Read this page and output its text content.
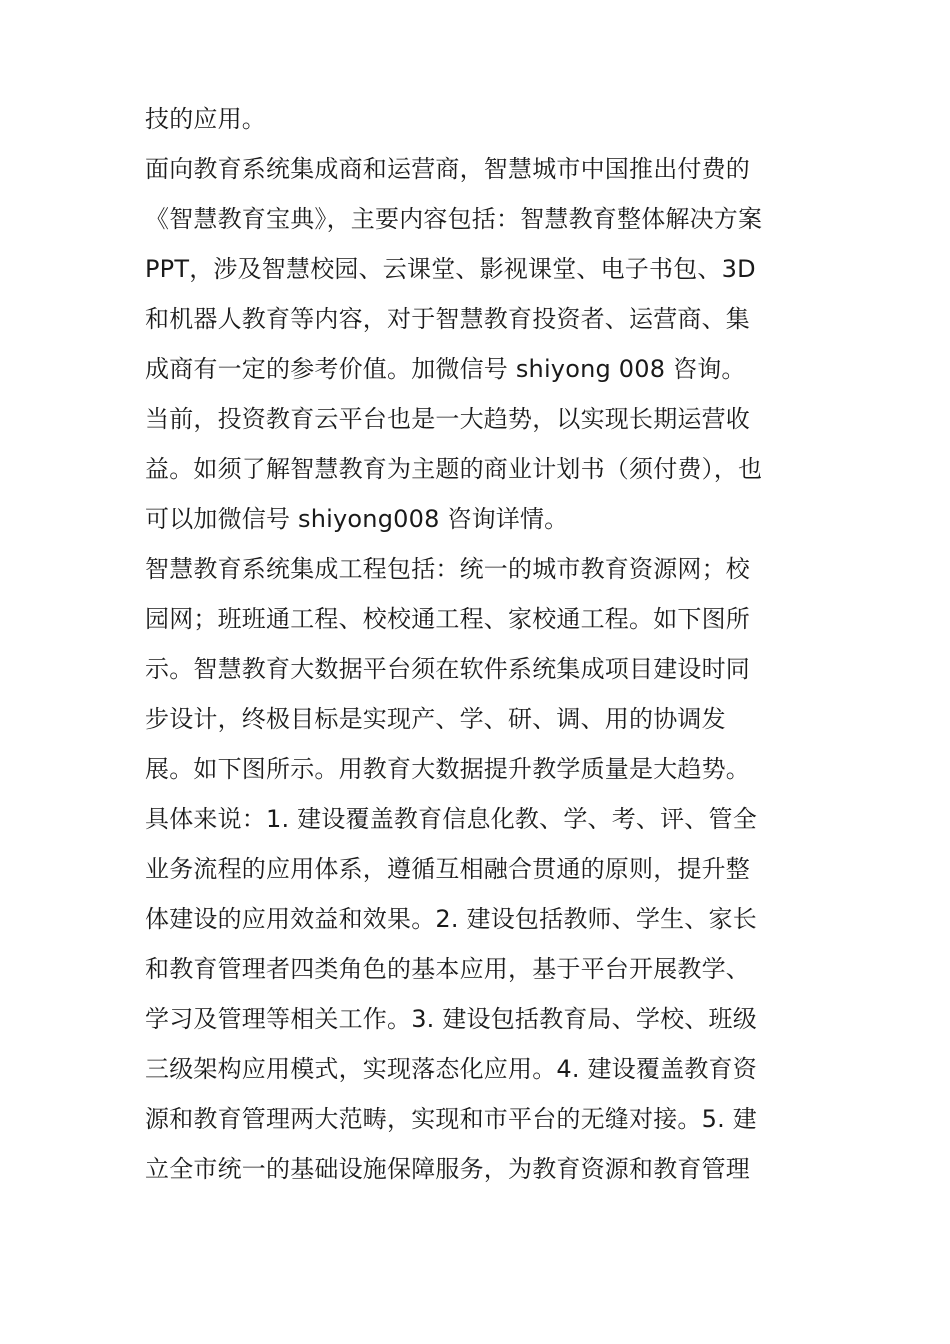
技的应用。
面向教育系统集成商和运营商，智慧城市中国推出付费的
《智慧教育宝典》，主要内容包括：智慧教育整体解决方案
PPT，涉及智慧校园、云课堂、影视课堂、电子书包、3D
和机器人教育等内容，对于智慧教育投资者、运营商、集
成商有一定的参考价值。加微信号 shiyong 008 咨询。
当前，投资教育云平台也是一大趋势，以实现长期运营收
益。如须了解智慧教育为主题的商业计划书（须付费），也
可以加微信号 shiyong008 咨询详情。
智慧教育系统集成工程包括：统一的城市教育资源网；校
园网；班班通工程、校校通工程、家校通工程。如下图所
示。智慧教育大数据平台须在软件系统集成项目建设时同
步设计，终极目标是实现产、学、研、调、用的协调发
展。如下图所示。用教育大数据提升教学质量是大趋势。
具体来说：1. 建设覆盖教育信息化教、学、考、评、管全
业务流程的应用体系，遵循互相融合贯通的原则，提升整
体建设的应用效益和效果。2. 建设包括教师、学生、家长
和教育管理者四类角色的基本应用，基于平台开展教学、
学习及管理等相关工作。3. 建设包括教育局、学校、班级
三级架构应用模式，实现落态化应用。4. 建设覆盖教育资
源和教育管理两大范畴，实现和市平台的无缝对接。5. 建
立全市统一的基础设施保障服务，为教育资源和教育管理
